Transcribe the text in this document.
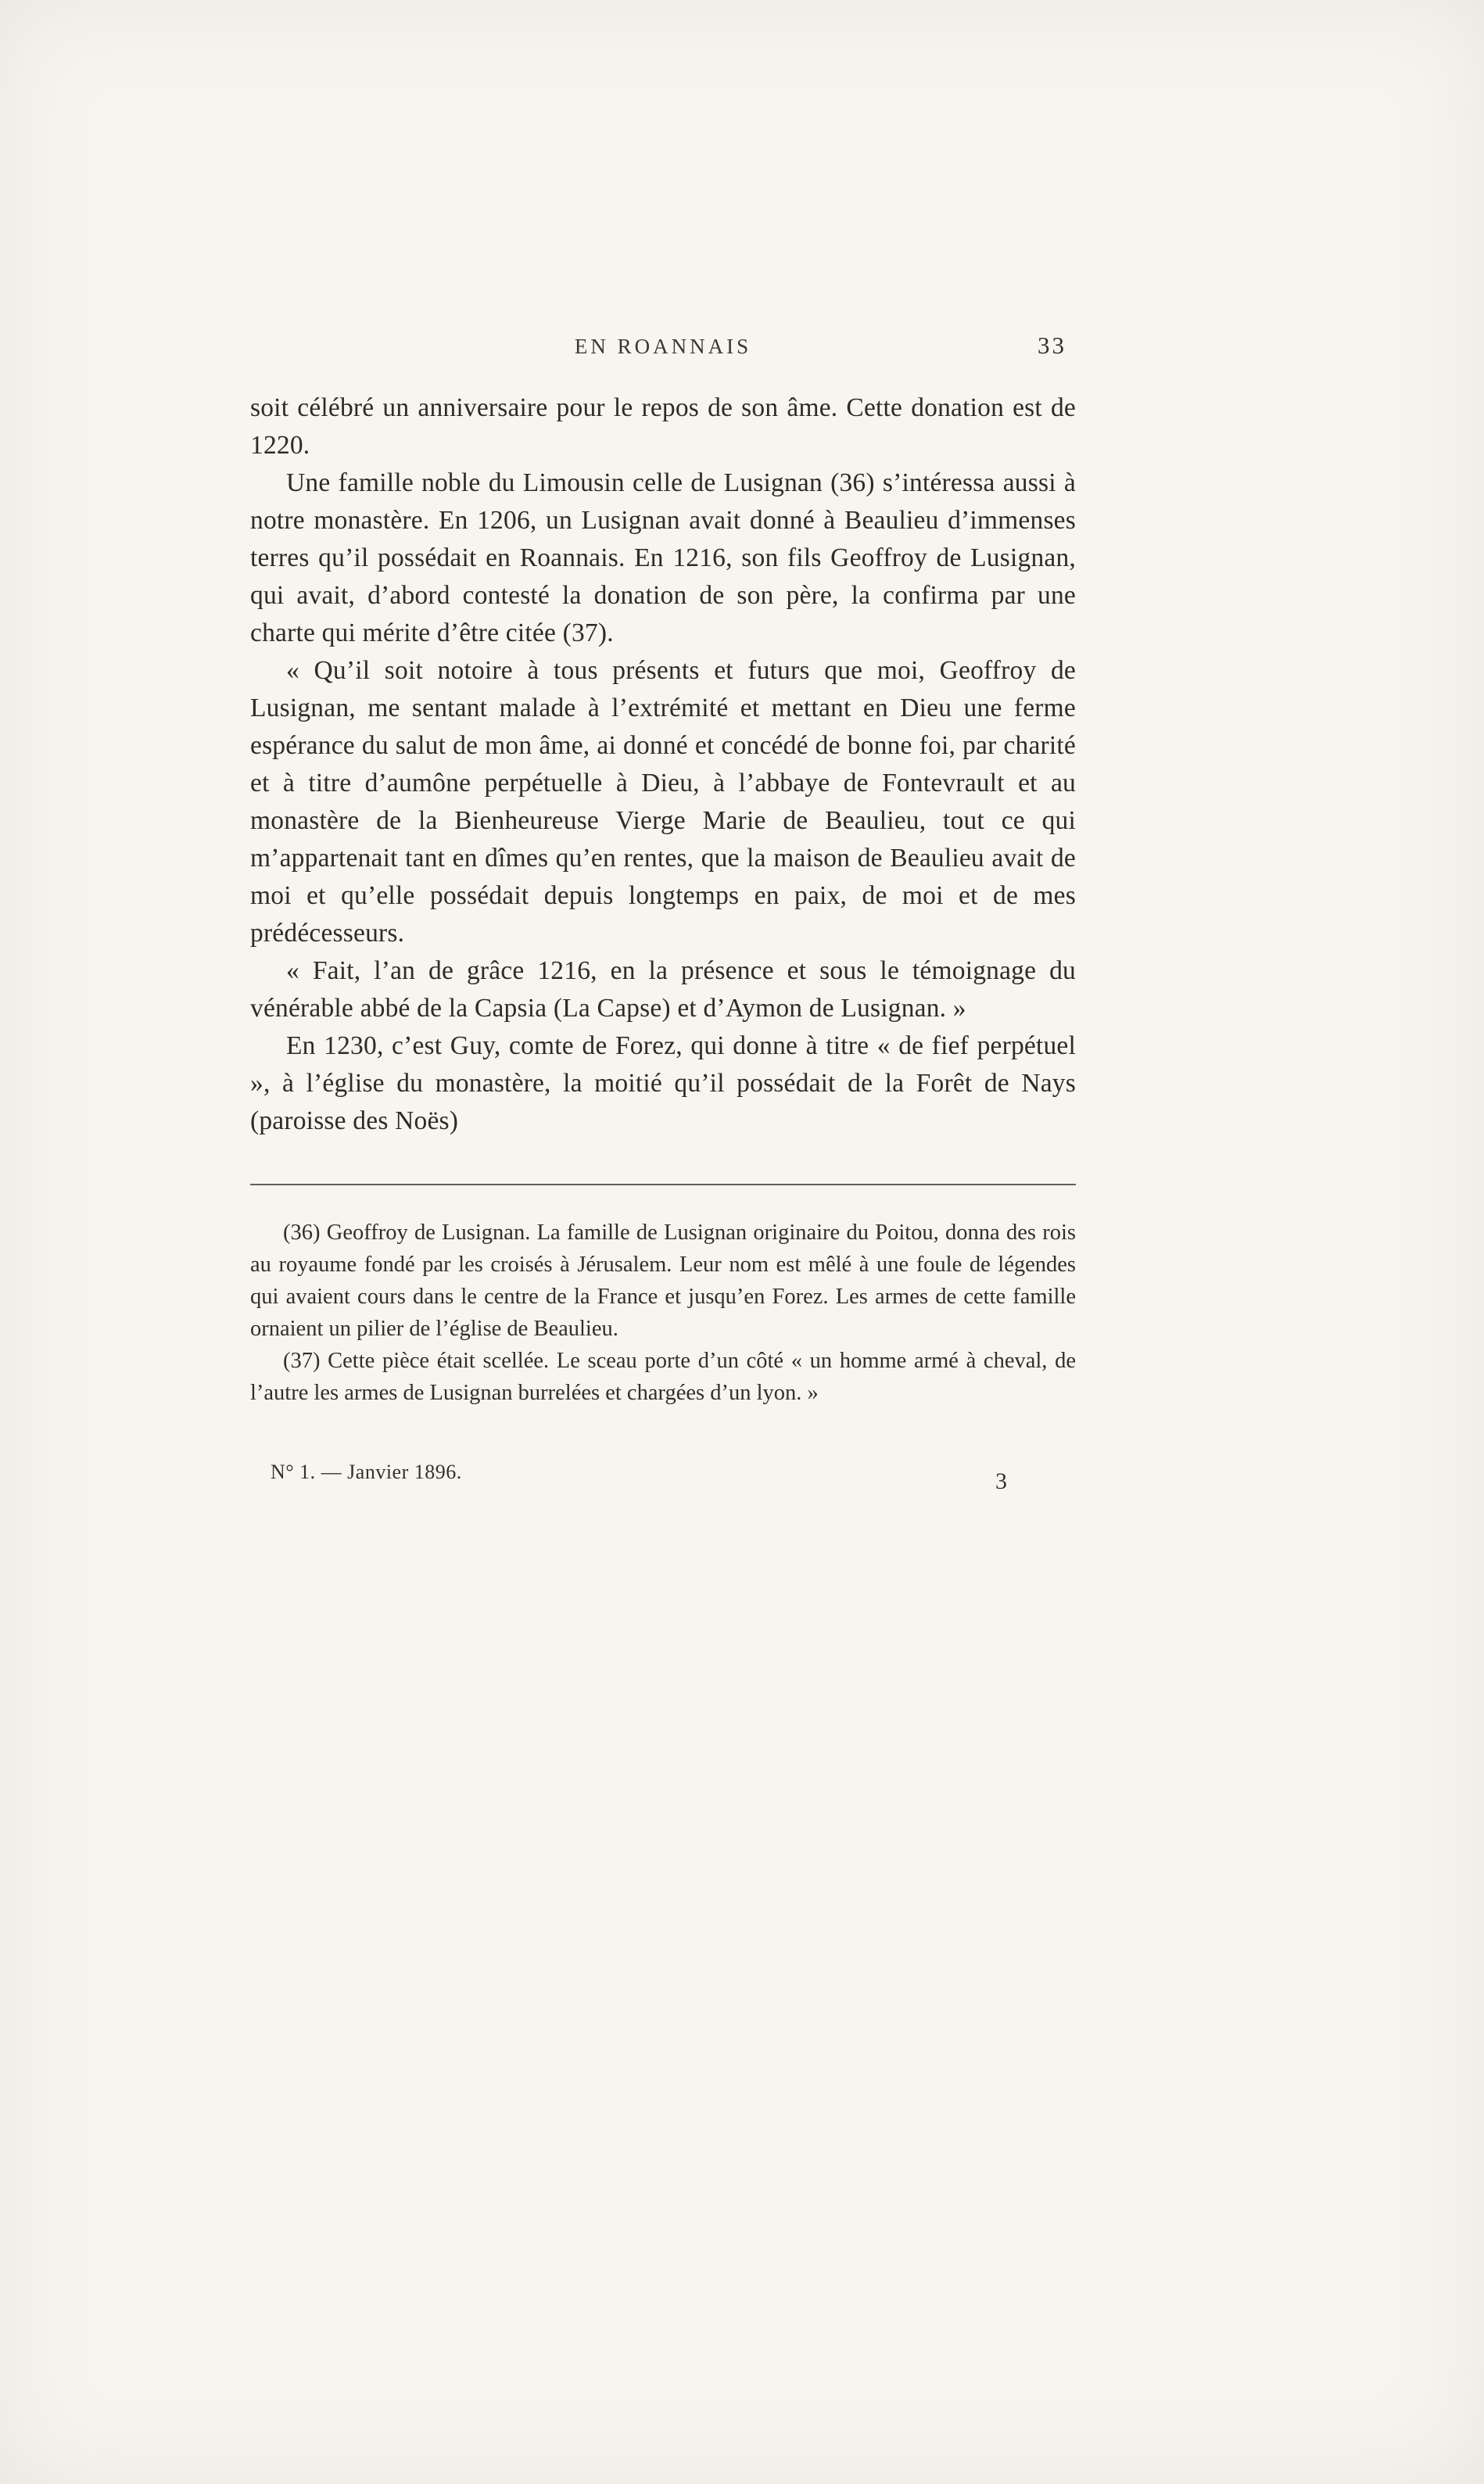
EN ROANNAIS	33

soit célébré un anniversaire pour le repos de son âme. Cette donation est de 1220.

Une famille noble du Limousin celle de Lusignan (36) s’intéressa aussi à notre monastère. En 1206, un Lusignan avait donné à Beaulieu d’immenses terres qu’il possédait en Roannais. En 1216, son fils Geoffroy de Lusignan, qui avait, d’abord contesté la donation de son père, la confirma par une charte qui mérite d’être citée (37).

« Qu’il soit notoire à tous présents et futurs que moi, Geoffroy de Lusignan, me sentant malade à l’extrémité et mettant en Dieu une ferme espérance du salut de mon âme, ai donné et concédé de bonne foi, par charité et à titre d’aumône perpétuelle à Dieu, à l’abbaye de Fontevrault et au monastère de la Bienheureuse Vierge Marie de Beaulieu, tout ce qui m’appartenait tant en dîmes qu’en rentes, que la maison de Beaulieu avait de moi et qu’elle possédait depuis longtemps en paix, de moi et de mes prédécesseurs.

« Fait, l’an de grâce 1216, en la présence et sous le témoignage du vénérable abbé de la Capsia (La Capse) et d’Aymon de Lusignan. »

En 1230, c’est Guy, comte de Forez, qui donne à titre « de fief perpétuel », à l’église du monastère, la moitié qu’il possédait de la Forêt de Nays (paroisse des Noës)

(36) Geoffroy de Lusignan. La famille de Lusignan originaire du Poitou, donna des rois au royaume fondé par les croisés à Jérusalem. Leur nom est mêlé à une foule de légendes qui avaient cours dans le centre de la France et jusqu’en Forez. Les armes de cette famille ornaient un pilier de l’église de Beaulieu.

(37) Cette pièce était scellée. Le sceau porte d’un côté « un homme armé à cheval, de l’autre les armes de Lusignan burrelées et chargées d’un lyon. »

N° 1. — Janvier 1896.	3
